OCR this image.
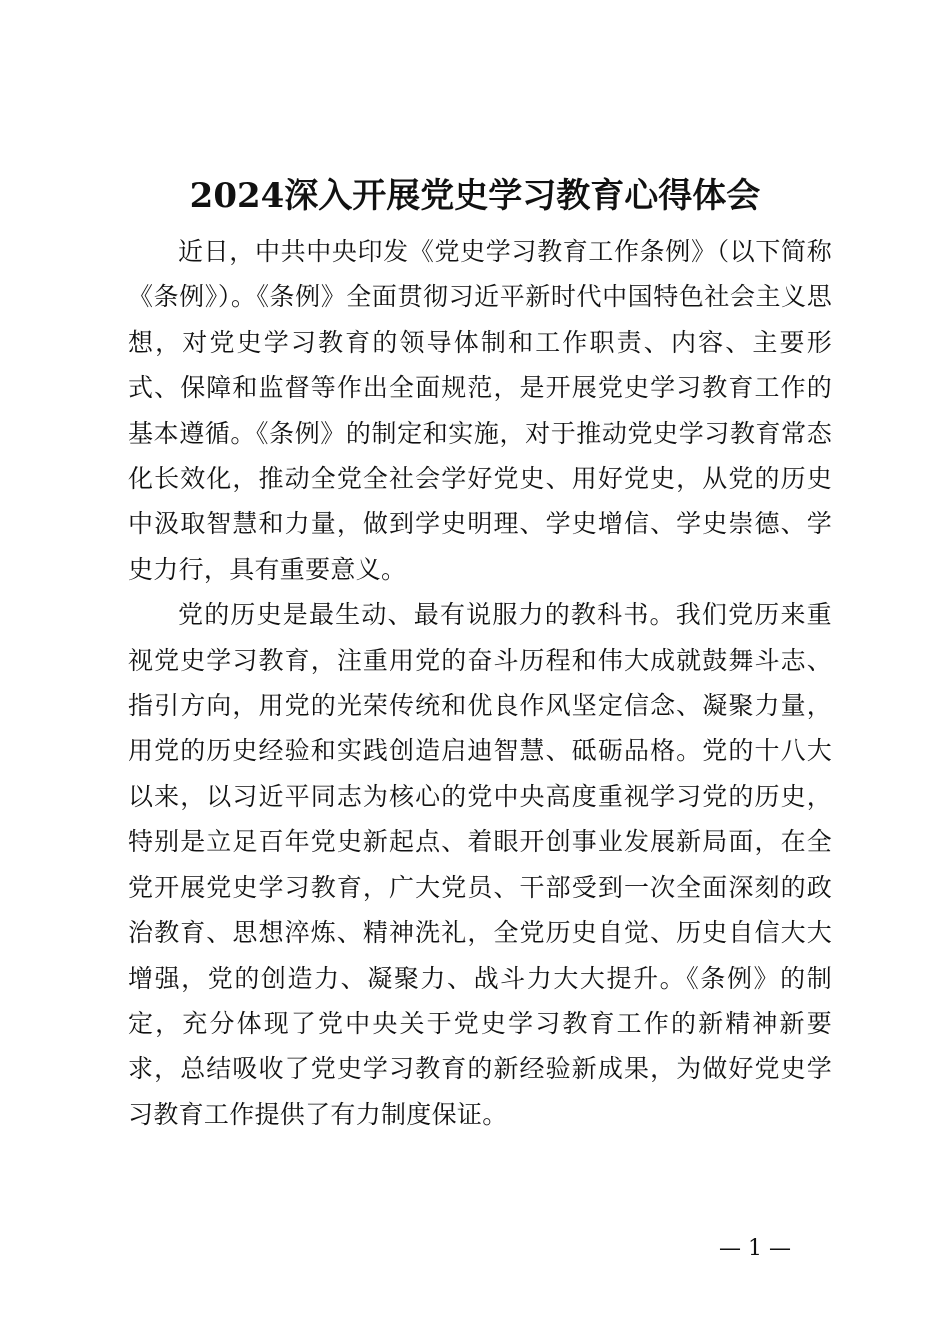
2024深入开展党史学习教育心得体会

近日，中共中央印发《党史学习教育工作条例》（以下简称《条例》）。《条例》全面贯彻习近平新时代中国特色社会主义思想，对党史学习教育的领导体制和工作职责、内容、主要形式、保障和监督等作出全面规范，是开展党史学习教育工作的基本遵循。《条例》的制定和实施，对于推动党史学习教育常态化长效化，推动全党全社会学好党史、用好党史，从党的历史中汲取智慧和力量，做到学史明理、学史增信、学史崇德、学史力行，具有重要意义。

党的历史是最生动、最有说服力的教科书。我们党历来重视党史学习教育，注重用党的奋斗历程和伟大成就鼓舞斗志、指引方向，用党的光荣传统和优良作风坚定信念、凝聚力量，用党的历史经验和实践创造启迪智慧、砥砺品格。党的十八大以来，以习近平同志为核心的党中央高度重视学习党的历史，特别是立足百年党史新起点、着眼开创事业发展新局面，在全党开展党史学习教育，广大党员、干部受到一次全面深刻的政治教育、思想淬炼、精神洗礼，全党历史自觉、历史自信大大增强，党的创造力、凝聚力、战斗力大大提升。《条例》的制定，充分体现了党中央关于党史学习教育工作的新精神新要求，总结吸收了党史学习教育的新经验新成果，为做好党史学习教育工作提供了有力制度保证。

— 1 —
